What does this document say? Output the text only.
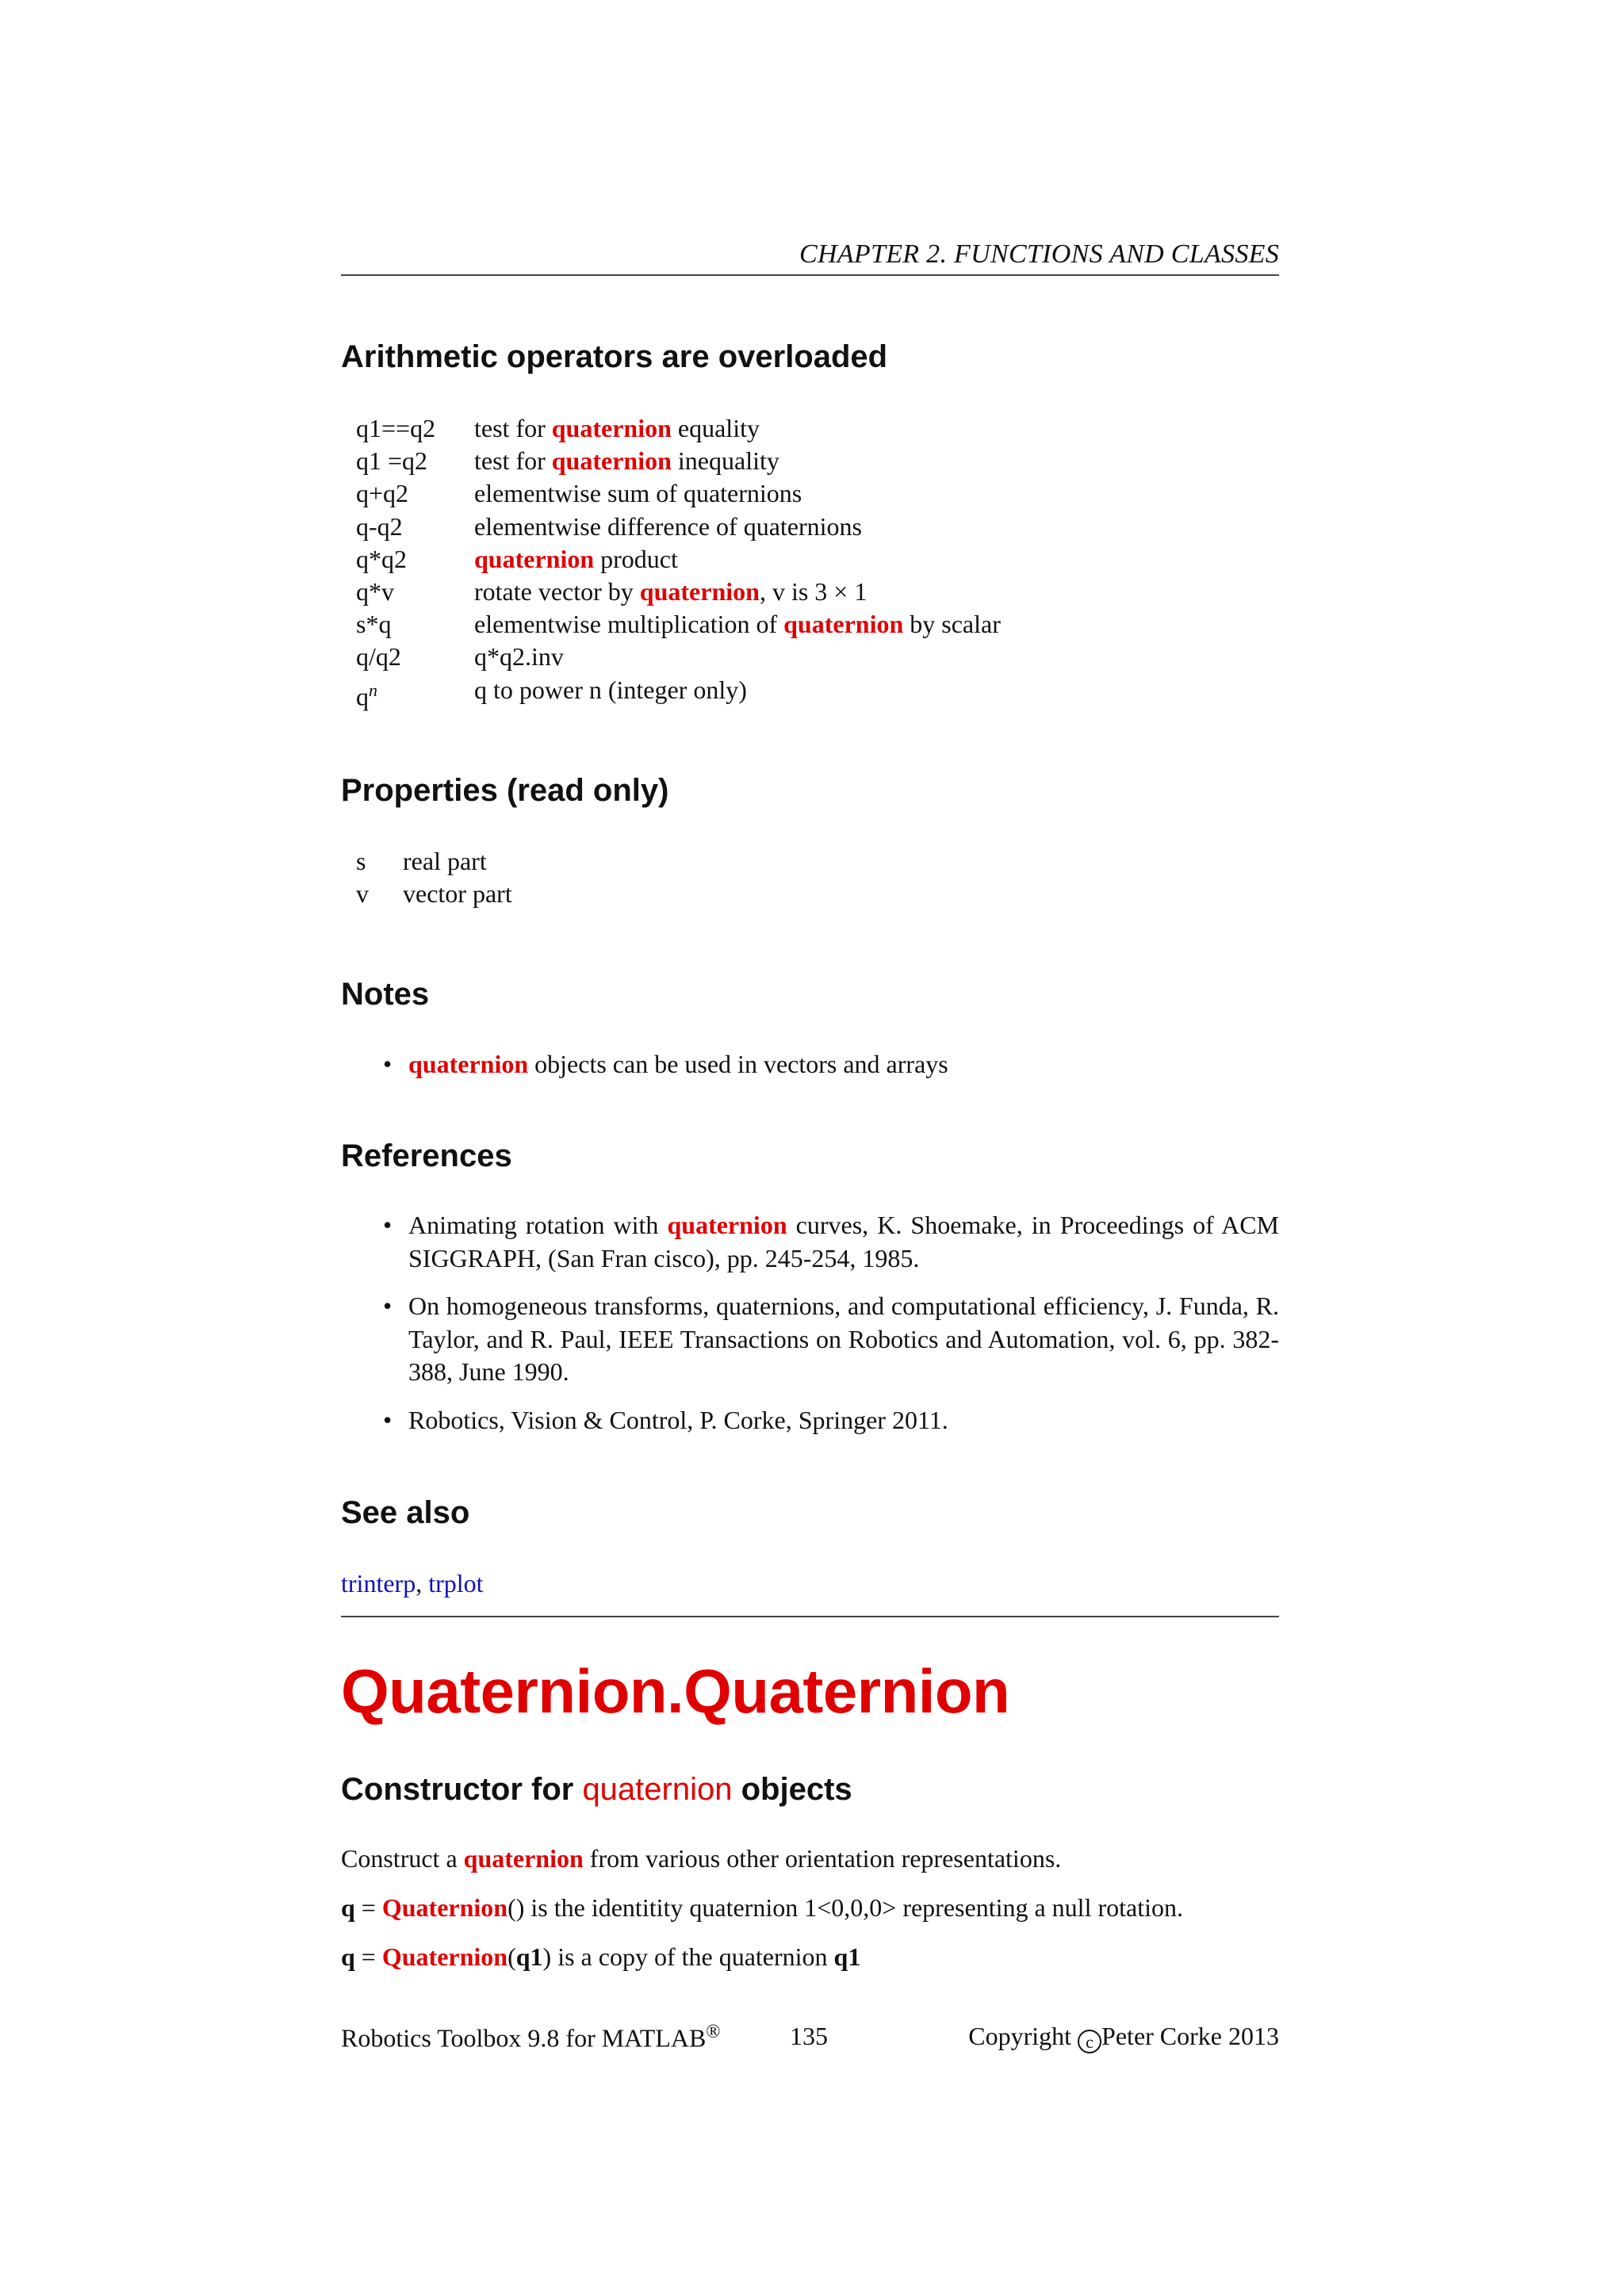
CHAPTER 2. FUNCTIONS AND CLASSES
Arithmetic operators are overloaded
q1==q2	test for quaternion equality
q1 =q2	test for quaternion inequality
q+q2	elementwise sum of quaternions
q-q2	elementwise difference of quaternions
q*q2	quaternion product
q*v	rotate vector by quaternion, v is 3 × 1
s*q	elementwise multiplication of quaternion by scalar
q/q2	q*q2.inv
$q^n$	q to power n (integer only)
Properties (read only)
s	real part
v	vector part
Notes
• quaternion objects can be used in vectors and arrays
References
• Animating rotation with quaternion curves, K. Shoemake, in Proceedings of ACM SIGGRAPH, (San Fran cisco), pp. 245-254, 1985.
• On homogeneous transforms, quaternions, and computational efficiency, J. Funda, R. Taylor, and R. Paul, IEEE Transactions on Robotics and Automation, vol. 6, pp. 382-388, June 1990.
• Robotics, Vision & Control, P. Corke, Springer 2011.
See also
trinterp, trplot
Quaternion.Quaternion
Constructor for quaternion objects
Construct a quaternion from various other orientation representations.
q = Quaternion() is the identitity quaternion 1<0,0,0> representing a null rotation.
q = Quaternion(q1) is a copy of the quaternion q1
Robotics Toolbox 9.8 for MATLAB®	135	Copyright c Peter Corke 2013
